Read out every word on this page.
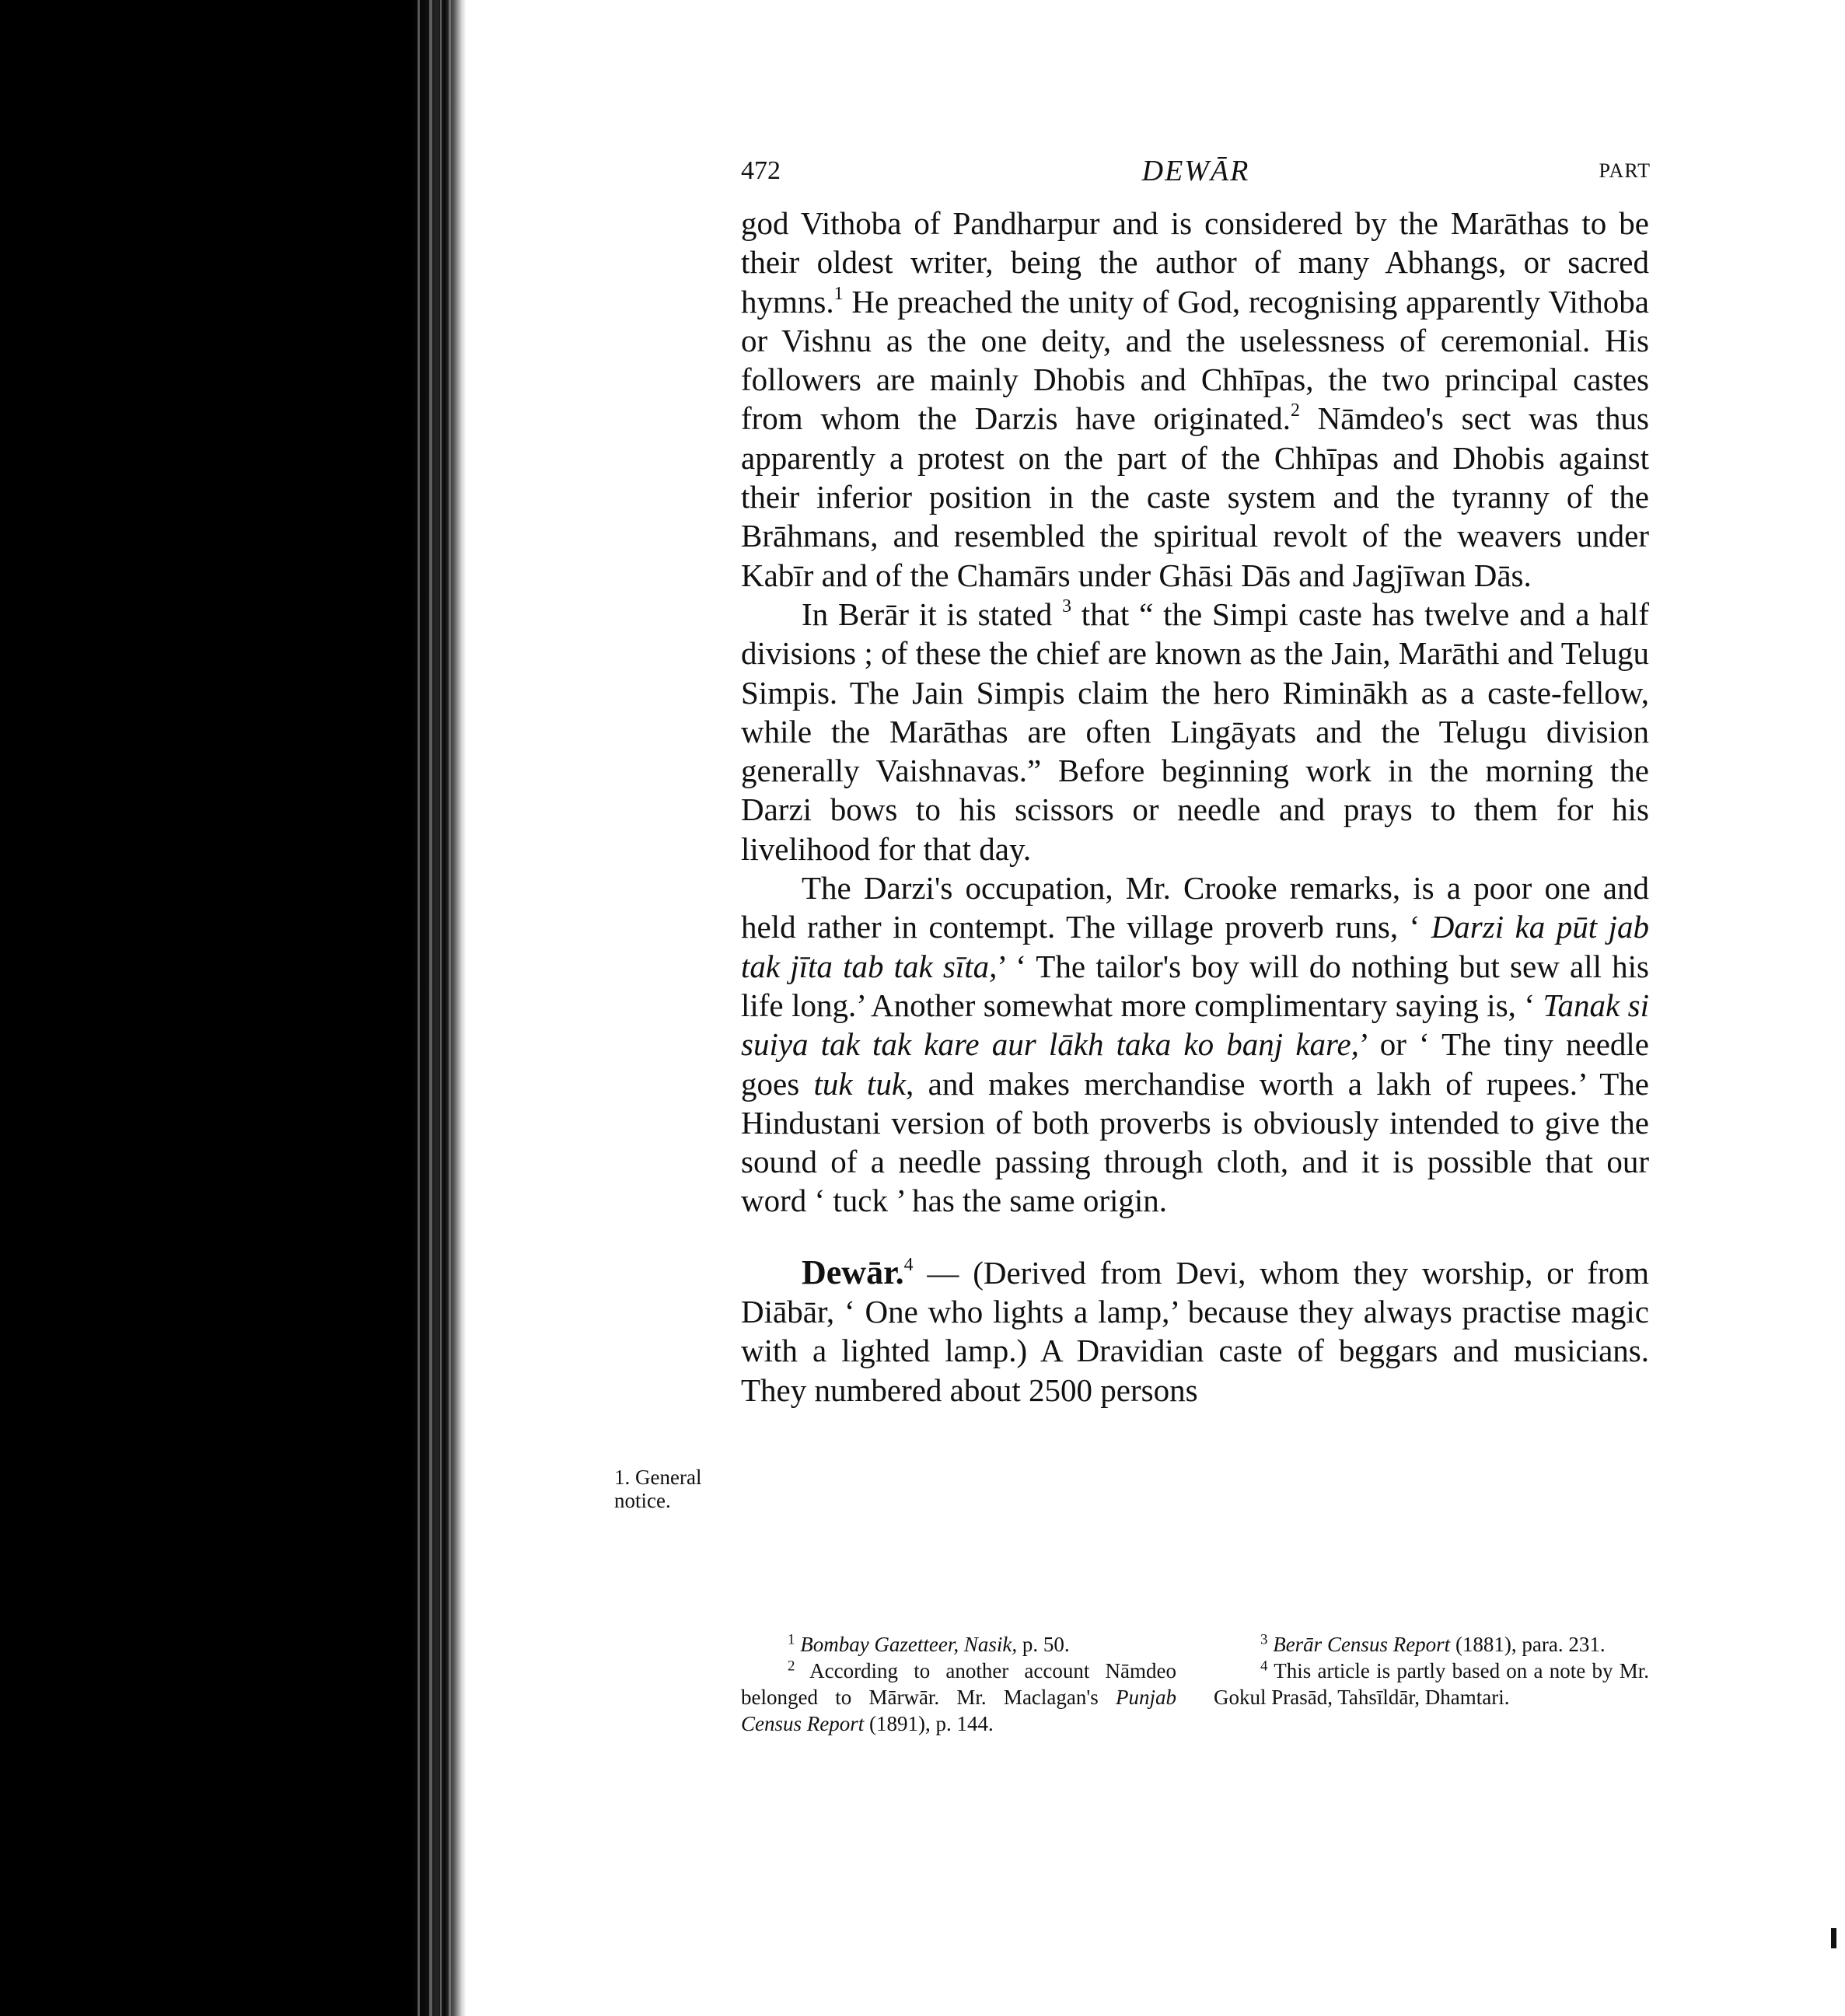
472	DEWĀR	PART

god Vithoba of Pandharpur and is considered by the Marāthas to be their oldest writer, being the author of many Abhangs, or sacred hymns.$^1$ He preached the unity of God, recognising apparently Vithoba or Vishnu as the one deity, and the uselessness of ceremonial. His followers are mainly Dhobis and Chhīpas, the two principal castes from whom the Darzis have originated.$^2$ Nāmdeo's sect was thus apparently a protest on the part of the Chhīpas and Dhobis against their inferior position in the caste system and the tyranny of the Brāhmans, and resembled the spiritual revolt of the weavers under Kabīr and of the Chamārs under Ghāsi Dās and Jagjīwan Dās.

In Berār it is stated $^3$ that “ the Simpi caste has twelve and a half divisions ; of these the chief are known as the Jain, Marāthi and Telugu Simpis. The Jain Simpis claim the hero Riminākh as a caste-fellow, while the Marāthas are often Lingāyats and the Telugu division generally Vaishnavas.” Before beginning work in the morning the Darzi bows to his scissors or needle and prays to them for his livelihood for that day.

The Darzi's occupation, Mr. Crooke remarks, is a poor one and held rather in contempt. The village proverb runs, ‘ Darzi ka pūt jab tak jīta tab tak sīta,’ ‘ The tailor's boy will do nothing but sew all his life long.’ Another somewhat more complimentary saying is, ‘ Tanak si suiya tak tak kare aur lākh taka ko banj kare,’ or ‘ The tiny needle goes tuk tuk, and makes merchandise worth a lakh of rupees.’ The Hindustani version of both proverbs is obviously intended to give the sound of a needle passing through cloth, and it is possible that our word ‘ tuck ’ has the same origin.

Dewār.$^4$ — (Derived from Devi, whom they worship, or from Diābār, ‘ One who lights a lamp,’ because they always practise magic with a lighted lamp.) A Dravidian caste of beggars and musicians. They numbered about 2500 persons

1. General
notice.

$^1$ Bombay Gazetteer, Nasik, p. 50.

$^2$ According to another account Nāmdeo belonged to Mārwār. Mr. Maclagan's Punjab Census Report (1891), p. 144.

$^3$ Berār Census Report (1881), para. 231.

$^4$ This article is partly based on a note by Mr. Gokul Prasād, Tahsīldār, Dhamtari.
